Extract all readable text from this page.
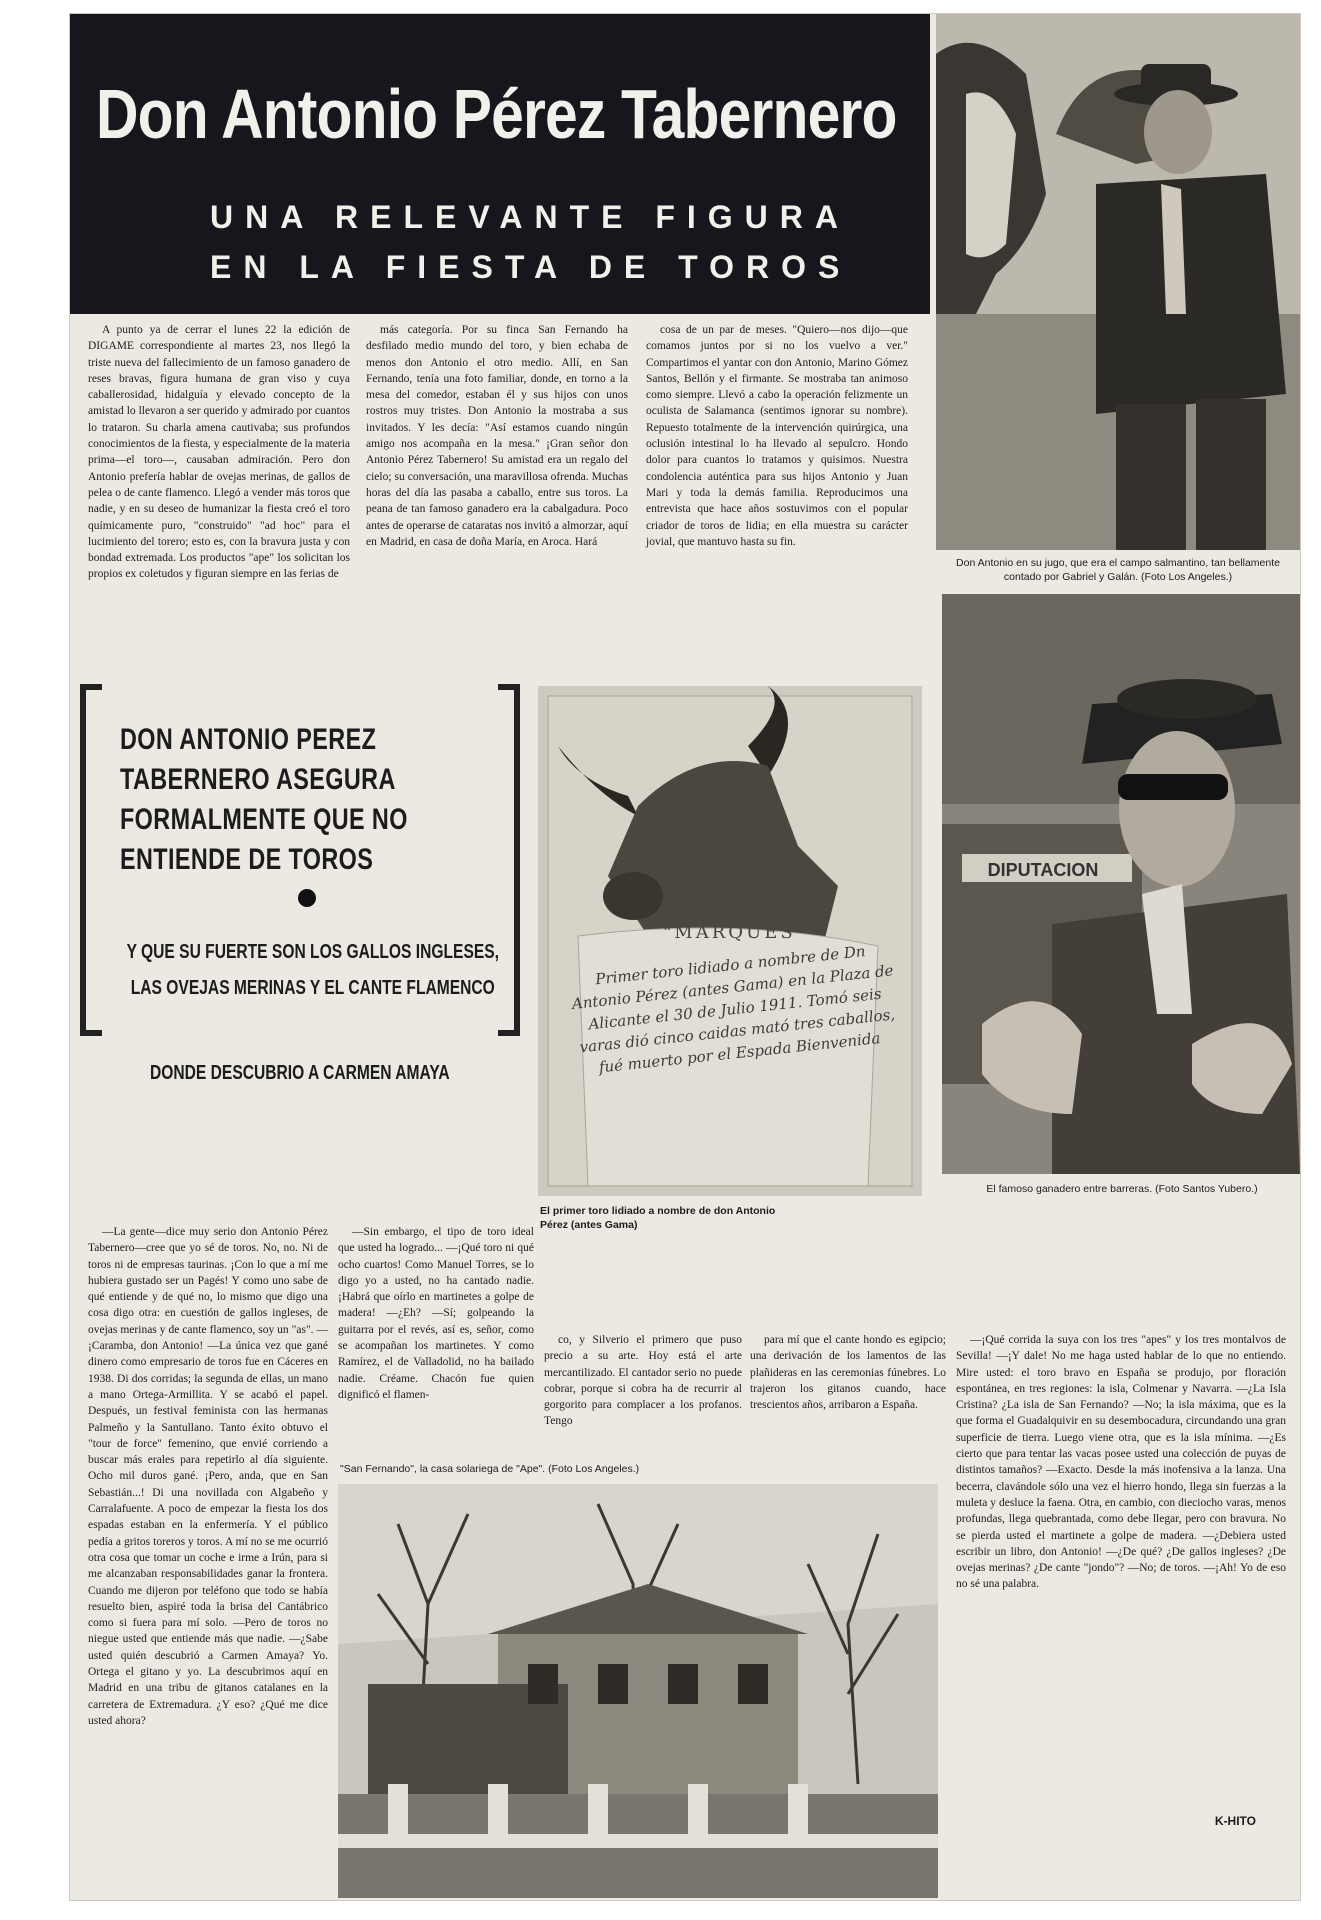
Don Antonio Pérez Tabernero
UNA RELEVANTE FIGURA
EN LA FIESTA DE TOROS
Don Antonio en su jugo, que era el campo salmantino, tan bellamente contado por Gabriel y Galán. (Foto Los Angeles.)

A punto ya de cerrar el lunes 22 la edición de DIGAME correspondiente al martes 23, nos llegó la triste nueva del fallecimiento de un famoso ganadero de reses bravas, figura humana de gran viso y cuya caballerosidad, hidalguía y elevado concepto de la amistad lo llevaron a ser querido y admirado por cuantos lo trataron. Su charla amena cautivaba; sus profundos conocimientos de la fiesta, y especialmente de la materia prima—el toro—, causaban admiración. Pero don Antonio prefería hablar de ovejas merinas, de gallos de pelea o de cante flamenco. Llegó a vender más toros que nadie, y en su deseo de humanizar la fiesta creó el toro químicamente puro, "construido" "ad hoc" para el lucimiento del torero; esto es, con la bravura justa y con bondad extremada. Los productos "ape" los solicitan los propios ex coletudos y figuran siempre en las ferias de

más categoría. Por su finca San Fernando ha desfilado medio mundo del toro, y bien echaba de menos don Antonio el otro medio. Allí, en San Fernando, tenía una foto familiar, donde, en torno a la mesa del comedor, estaban él y sus hijos con unos rostros muy tristes. Don Antonio la mostraba a sus invitados. Y les decía: "Así estamos cuando ningún amigo nos acompaña en la mesa." ¡Gran señor don Antonio Pérez Tabernero! Su amistad era un regalo del cielo; su conversación, una maravillosa ofrenda. Muchas horas del día las pasaba a caballo, entre sus toros. La peana de tan famoso ganadero era la cabalgadura. Poco antes de operarse de cataratas nos invitó a almorzar, aquí en Madrid, en casa de doña María, en Aroca. Hará

cosa de un par de meses. "Quiero—nos dijo—que comamos juntos por si no los vuelvo a ver." Compartimos el yantar con don Antonio, Marino Gómez Santos, Bellón y el firmante. Se mostraba tan animoso como siempre. Llevó a cabo la operación felizmente un oculista de Salamanca (sentimos ignorar su nombre). Repuesto totalmente de la intervención quirúrgica, una oclusión intestinal lo ha llevado al sepulcro. Hondo dolor para cuantos lo tratamos y quisimos. Nuestra condolencia auténtica para sus hijos Antonio y Juan Mari y toda la demás familia. Reproducimos una entrevista que hace años sostuvimos con el popular criador de toros de lidia; en ella muestra su carácter jovial, que mantuvo hasta su fin.

DON ANTONIO PEREZ TABERNERO ASEGURA FORMALMENTE QUE NO ENTIENDE DE TOROS
Y QUE SU FUERTE SON LOS GALLOS INGLESES, LAS OVEJAS MERINAS Y EL CANTE FLAMENCO
DONDE DESCUBRIO A CARMEN AMAYA
"MARQUES"
Primer toro lidiado a nombre de Dn Antonio Pérez (antes Gama) en la Plaza de Alicante el 30 de Julio 1911. Tomó seis varas dió cinco caidas mató tres caballos, fué muerto por el Espada Bienvenida
El primer toro lidiado a nombre de don Antonio Pérez (antes Gama)
DIPUTACION
El famoso ganadero entre barreras. (Foto Santos Yubero.)

—La gente—dice muy serio don Antonio Pérez Tabernero—cree que yo sé de toros. No, no. Ni de toros ni de empresas taurinas. ¡Con lo que a mí me hubiera gustado ser un Pagés! Y como uno sabe de qué entiende y de qué no, lo mismo que digo una cosa digo otra: en cuestión de gallos ingleses, de ovejas merinas y de cante flamenco, soy un "as". —¡Caramba, don Antonio! —La única vez que gané dinero como empresario de toros fue en Cáceres en 1938. Di dos corridas; la segunda de ellas, un mano a mano Ortega-Armillita. Y se acabó el papel. Después, un festival feminista con las hermanas Palmeño y la Santullano. Tanto éxito obtuvo el "tour de force" femenino, que envié corriendo a buscar más erales para repetirlo al día siguiente. Ocho mil duros gané. ¡Pero, anda, que en San Sebastián...! Di una novillada con Algabeño y Carralafuente. A poco de empezar la fiesta los dos espadas estaban en la enfermería. Y el público pedía a gritos toreros y toros. A mí no se me ocurrió otra cosa que tomar un coche e irme a Irún, para si me alcanzaban responsabilidades ganar la frontera. Cuando me dijeron por teléfono que todo se había resuelto bien, aspiré toda la brisa del Cantábrico como si fuera para mí solo. —Pero de toros no niegue usted que entiende más que nadie. —¿Sabe usted quién descubrió a Carmen Amaya? Yo. Ortega el gitano y yo. La descubrimos aquí en Madrid en una tribu de gitanos catalanes en la carretera de Extremadura. ¿Y eso? ¿Qué me dice usted ahora?

—Sin embargo, el tipo de toro ideal que usted ha logrado... —¡Qué toro ni qué ocho cuartos! Como Manuel Torres, se lo digo yo a usted, no ha cantado nadie. ¡Habrá que oírlo en martinetes a golpe de madera! —¿Eh? —Sí; golpeando la guitarra por el revés, así es, señor, como se acompañan los martinetes. Y como Ramírez, el de Valladolid, no ha bailado nadie. Créame. Chacón fue quien dignificó el flamen-

co, y Silverio el primero que puso precio a su arte. Hoy está el arte mercantilizado. El cantador serio no puede cobrar, porque si cobra ha de recurrir al gorgorito para complacer a los profanos. Tengo

para mí que el cante hondo es egipcio; una derivación de los lamentos de las plañideras en las ceremonias fúnebres. Lo trajeron los gitanos cuando, hace trescientos años, arribaron a España.

—¡Qué corrida la suya con los tres "apes" y los tres montalvos de Sevilla! —¡Y dale! No me haga usted hablar de lo que no entiendo. Mire usted: el toro bravo en España se produjo, por floración espontánea, en tres regiones: la isla, Colmenar y Navarra. —¿La Isla Cristina? ¿La isla de San Fernando? —No; la isla máxima, que es la que forma el Guadalquivir en su desembocadura, circundando una gran superficie de tierra. Luego viene otra, que es la isla mínima. —¿Es cierto que para tentar las vacas posee usted una colección de puyas de distintos tamaños? —Exacto. Desde la más inofensiva a la lanza. Una becerra, clavándole sólo una vez el hierro hondo, llega sin fuerzas a la muleta y desluce la faena. Otra, en cambio, con dieciocho varas, menos profundas, llega quebrantada, como debe llegar, pero con bravura. No se pierda usted el martinete a golpe de madera. —¿Debiera usted escribir un libro, don Antonio! —¿De qué? ¿De gallos ingleses? ¿De ovejas merinas? ¿De cante "jondo"? —No; de toros. —¡Ah! Yo de eso no sé una palabra.

"San Fernando", la casa solariega de "Ape". (Foto Los Angeles.)
K-HITO
